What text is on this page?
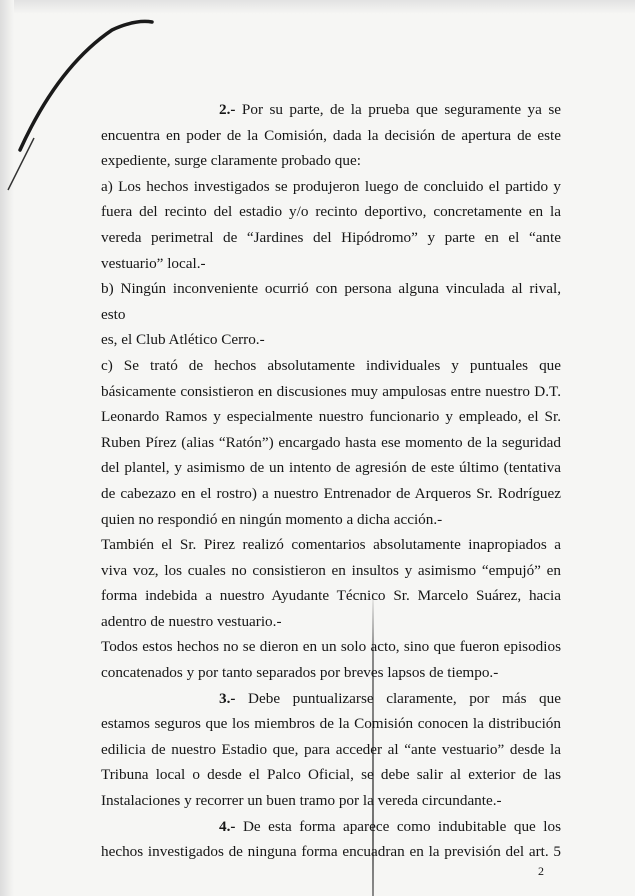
2.- Por su parte, de la prueba que seguramente ya se

encuentra en poder de la Comisión, dada la decisión de apertura de este

expediente, surge claramente probado que:

a) Los hechos investigados se produjeron luego de concluido el partido y

fuera del recinto del estadio y/o recinto deportivo, concretamente en la

vereda perimetral de “Jardines del Hipódromo” y parte en el “ante

vestuario” local.-

b) Ningún inconveniente ocurrió con persona alguna vinculada al rival, esto

es, el Club Atlético Cerro.-

c) Se trató de hechos absolutamente individuales y puntuales que

básicamente consistieron en discusiones muy ampulosas entre nuestro D.T.

Leonardo Ramos y especialmente nuestro funcionario y empleado, el Sr.

Ruben Pírez (alias “Ratón”) encargado hasta ese momento de la seguridad

del plantel, y asimismo de un intento de agresión de este último (tentativa

de cabezazo en el rostro) a nuestro Entrenador de Arqueros Sr. Rodríguez

quien no respondió en ningún momento a dicha acción.-

También el Sr. Pirez realizó comentarios absolutamente inapropiados a

viva voz, los cuales no consistieron en insultos y asimismo “empujó” en

forma indebida a nuestro Ayudante Técnico Sr. Marcelo Suárez, hacia

adentro de nuestro vestuario.-

Todos estos hechos no se dieron en un solo acto, sino que fueron episodios

concatenados y por tanto separados por breves lapsos de tiempo.-

3.- Debe puntualizarse claramente, por más que

estamos seguros que los miembros de la Comisión conocen la distribución

edilicia de nuestro Estadio que, para acceder al “ante vestuario” desde la

Tribuna local o desde el Palco Oficial, se debe salir al exterior de las

Instalaciones y recorrer un buen tramo por la vereda circundante.-

4.- De esta forma aparece como indubitable que los

hechos investigados de ninguna forma encuadran en la previsión del art. 5

2
